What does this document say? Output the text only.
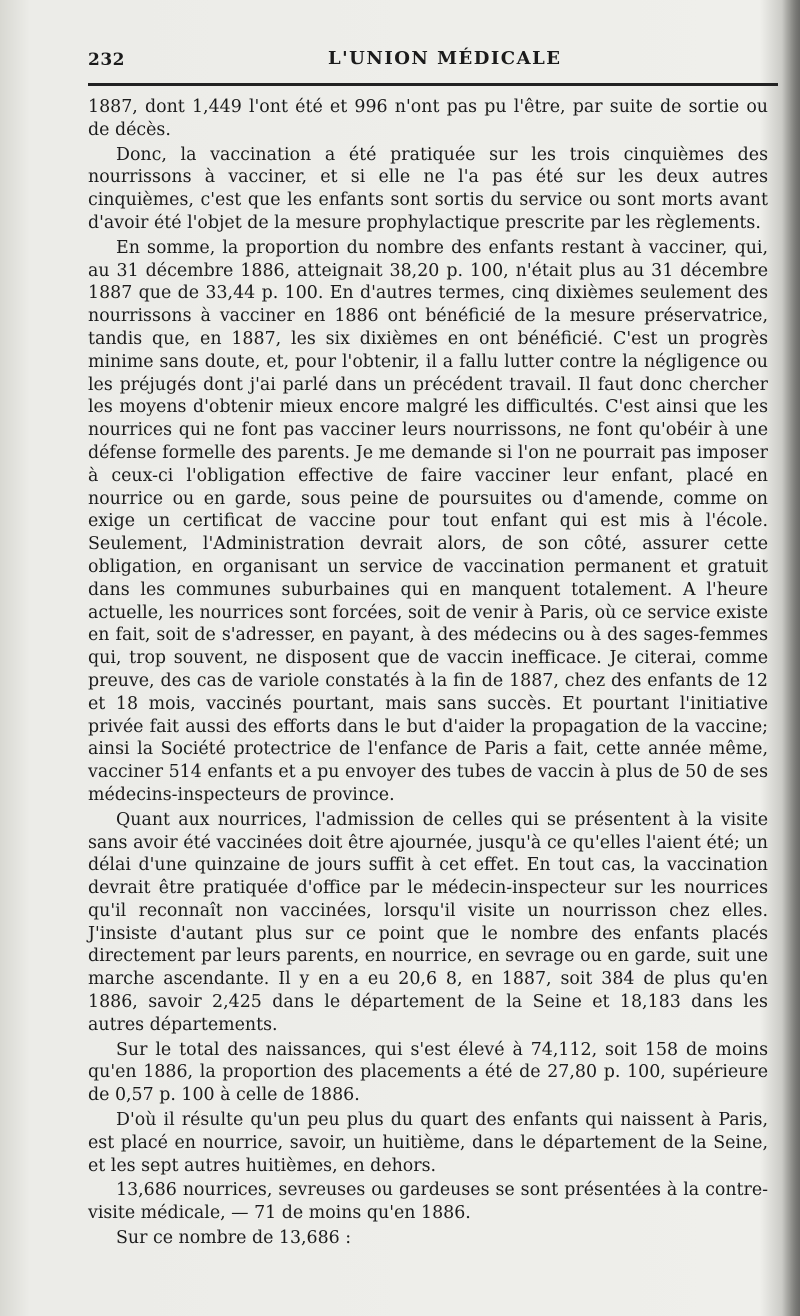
232	L'UNION MÉDICALE

1887, dont 1,449 l'ont été et 996 n'ont pas pu l'être, par suite de sortie ou de décès.

Donc, la vaccination a été pratiquée sur les trois cinquièmes des nourrissons à vacciner, et si elle ne l'a pas été sur les deux autres cinquièmes, c'est que les enfants sont sortis du service ou sont morts avant d'avoir été l'objet de la mesure prophylactique prescrite par les règlements.

En somme, la proportion du nombre des enfants restant à vacciner, qui, au 31 décembre 1886, atteignait 38,20 p. 100, n'était plus au 31 décembre 1887 que de 33,44 p. 100. En d'autres termes, cinq dixièmes seulement des nourrissons à vacciner en 1886 ont bénéficié de la mesure préservatrice, tandis que, en 1887, les six dixièmes en ont bénéficié. C'est un progrès minime sans doute, et, pour l'obtenir, il a fallu lutter contre la négligence ou les préjugés dont j'ai parlé dans un précédent travail. Il faut donc chercher les moyens d'obtenir mieux encore malgré les difficultés. C'est ainsi que les nourrices qui ne font pas vacciner leurs nourrissons, ne font qu'obéir à une défense formelle des parents. Je me demande si l'on ne pourrait pas imposer à ceux-ci l'obligation effective de faire vacciner leur enfant, placé en nourrice ou en garde, sous peine de poursuites ou d'amende, comme on exige un certificat de vaccine pour tout enfant qui est mis à l'école. Seulement, l'Administration devrait alors, de son côté, assurer cette obligation, en organisant un service de vaccination permanent et gratuit dans les communes suburbaines qui en manquent totalement. A l'heure actuelle, les nourrices sont forcées, soit de venir à Paris, où ce service existe en fait, soit de s'adresser, en payant, à des médecins ou à des sages-femmes qui, trop souvent, ne disposent que de vaccin inefficace. Je citerai, comme preuve, des cas de variole constatés à la fin de 1887, chez des enfants de 12 et 18 mois, vaccinés pourtant, mais sans succès. Et pourtant l'initiative privée fait aussi des efforts dans le but d'aider la propagation de la vaccine; ainsi la Société protectrice de l'enfance de Paris a fait, cette année même, vacciner 514 enfants et a pu envoyer des tubes de vaccin à plus de 50 de ses médecins-inspecteurs de province.

Quant aux nourrices, l'admission de celles qui se présentent à la visite sans avoir été vaccinées doit être ajournée, jusqu'à ce qu'elles l'aient été; un délai d'une quinzaine de jours suffit à cet effet. En tout cas, la vaccination devrait être pratiquée d'office par le médecin-inspecteur sur les nourrices qu'il reconnaît non vaccinées, lorsqu'il visite un nourrisson chez elles. J'insiste d'autant plus sur ce point que le nombre des enfants placés directement par leurs parents, en nourrice, en sevrage ou en garde, suit une marche ascendante. Il y en a eu 20,6 8, en 1887, soit 384 de plus qu'en 1886, savoir 2,425 dans le département de la Seine et 18,183 dans les autres départements.

Sur le total des naissances, qui s'est élevé à 74,112, soit 158 de moins qu'en 1886, la proportion des placements a été de 27,80 p. 100, supérieure de 0,57 p. 100 à celle de 1886.

D'où il résulte qu'un peu plus du quart des enfants qui naissent à Paris, est placé en nourrice, savoir, un huitième, dans le département de la Seine, et les sept autres huitièmes, en dehors.

13,686 nourrices, sevreuses ou gardeuses se sont présentées à la contre-visite médicale, — 71 de moins qu'en 1886.

Sur ce nombre de 13,686 :
